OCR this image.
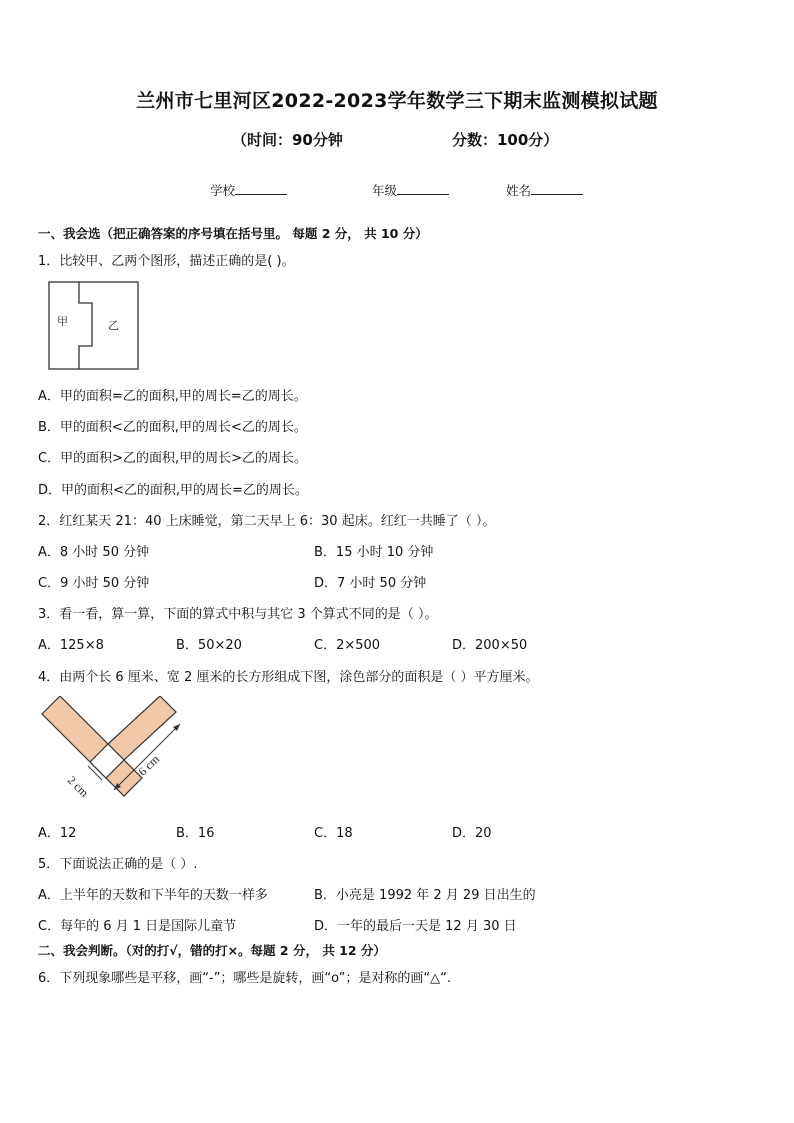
兰州市七里河区2022-2023学年数学三下期末监测模拟试题
（时间：90分钟	分数：100分）
学校	年级	姓名
一、我会选（把正确答案的序号填在括号里。 每题 2 分， 共 10 分）
1．比较甲、乙两个图形，描述正确的是( )。
甲	乙
A．甲的面积=乙的面积,甲的周长=乙的周长。
B．甲的面积<乙的面积,甲的周长<乙的周长。
C．甲的面积>乙的面积,甲的周长>乙的周长。
D．甲的面积<乙的面积,甲的周长=乙的周长。
2．红红某天 21：40 上床睡觉，第二天早上 6：30 起床。红红一共睡了（ ）。
A．8 小时 50 分钟	B．15 小时 10 分钟
C．9 小时 50 分钟	D．7 小时 50 分钟
3．看一看，算一算，下面的算式中积与其它 3 个算式不同的是（ ）。
A．125×8	B．50×20	C．2×500	D．200×50
4．由两个长 6 厘米、宽 2 厘米的长方形组成下图，涂色部分的面积是（ ）平方厘米。
2 cm
6 cm
A．12	B．16	C．18	D．20
5．下面说法正确的是（ ）.
A．上半年的天数和下半年的天数一样多	B．小亮是 1992 年 2 月 29 日出生的
C．每年的 6 月 1 日是国际儿童节	D．一年的最后一天是 12 月 30 日
二、我会判断。（对的打√，错的打×。每题 2 分， 共 12 分）
6．下列现象哪些是平移，画“-”；哪些是旋转，画“o”；是对称的画“△“.
